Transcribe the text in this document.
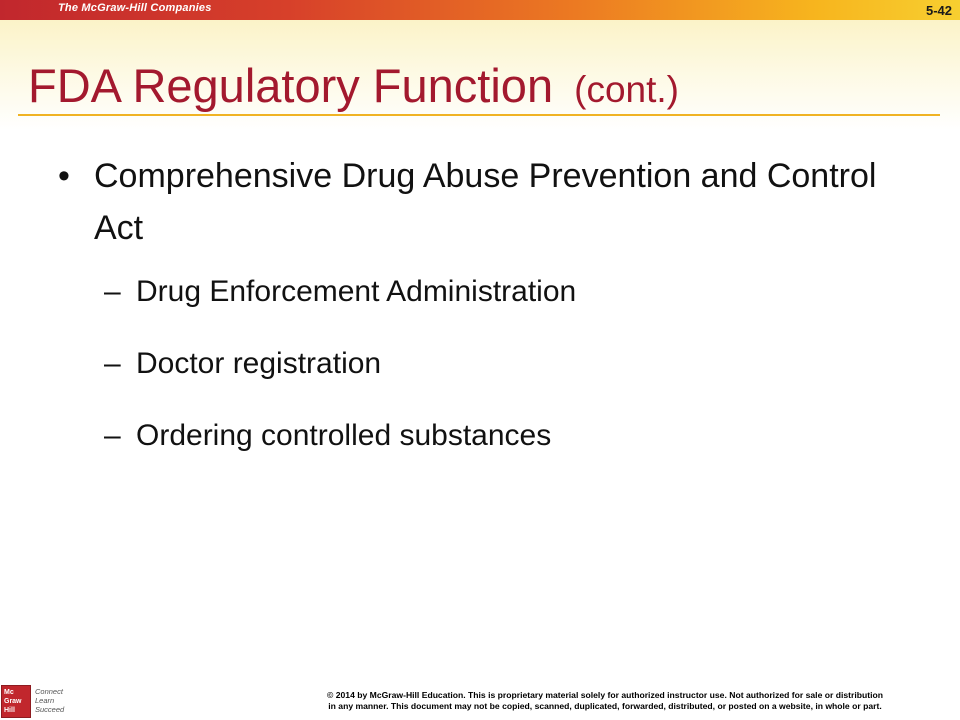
The McGraw-Hill Companies	5-42
FDA Regulatory Function (cont.)
• Comprehensive Drug Abuse Prevention and Control Act
– Drug Enforcement Administration
– Doctor registration
– Ordering controlled substances
Mc
Graw
Hill
Connect
Learn
Succeed
© 2014 by McGraw-Hill Education. This is proprietary material solely for authorized instructor use. Not authorized for sale or distribution
in any manner. This document may not be copied, scanned, duplicated, forwarded, distributed, or posted on a website, in whole or part.
